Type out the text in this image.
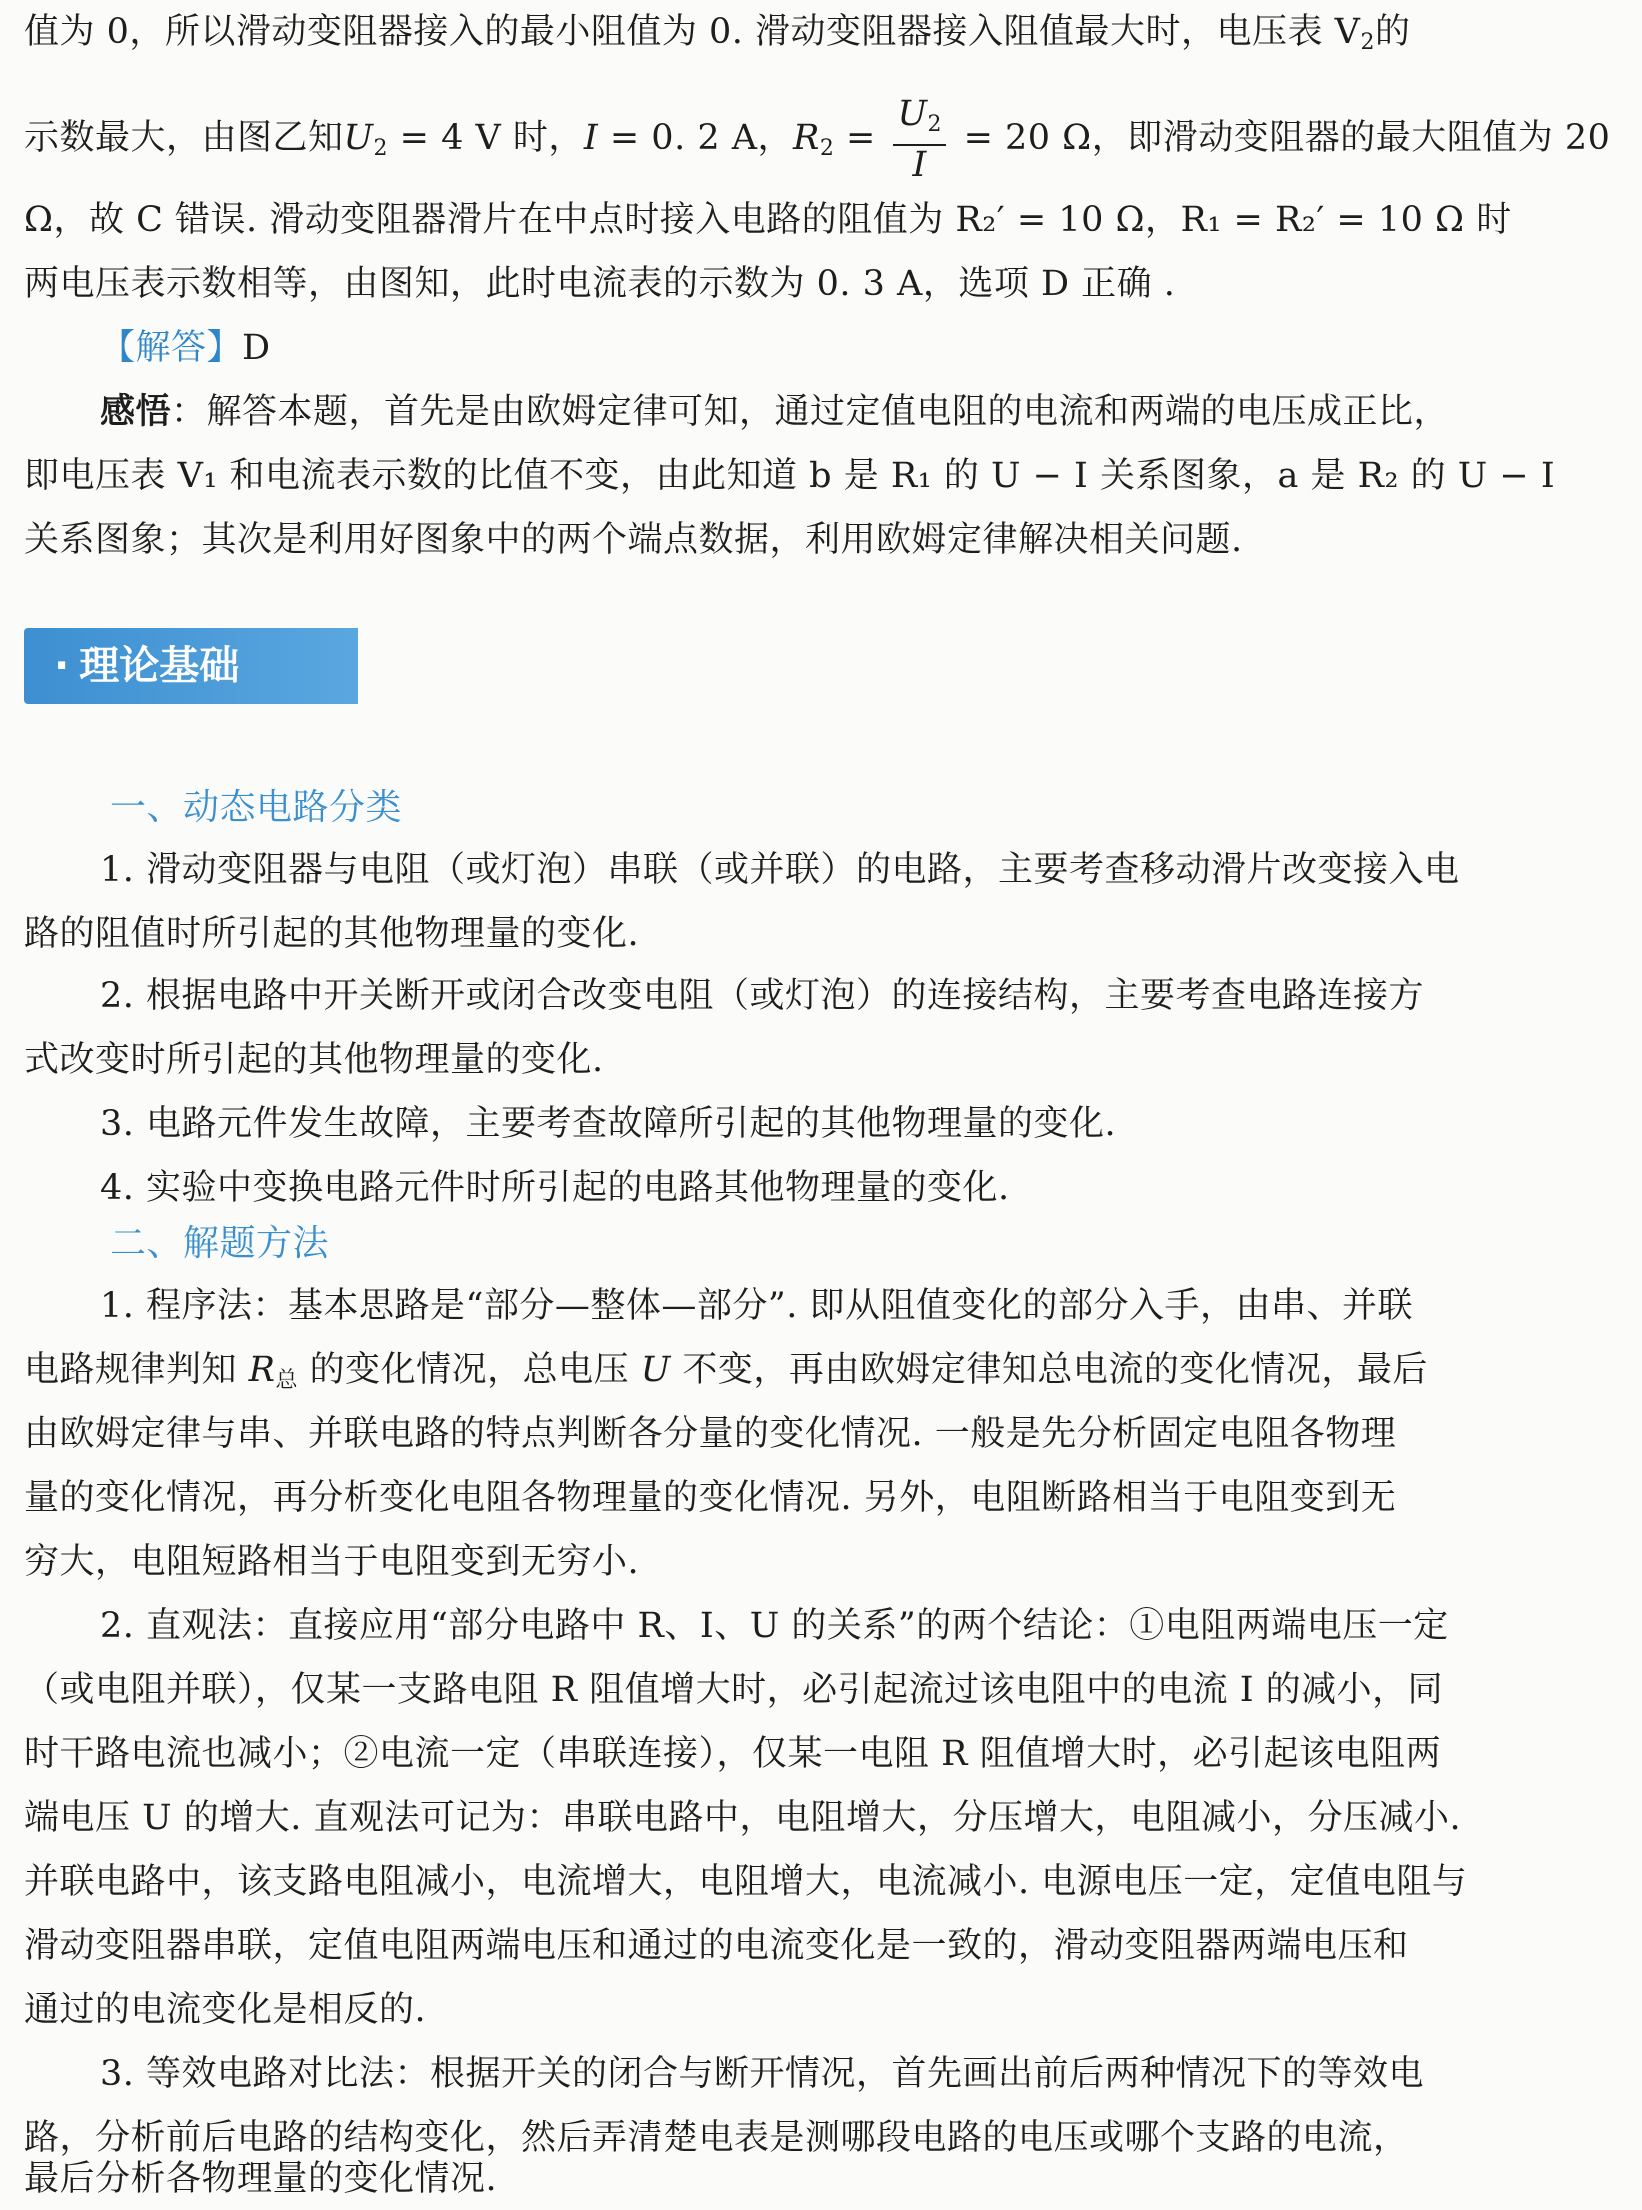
值为 0，所以滑动变阻器接入的最小阻值为 0. 滑动变阻器接入阻值最大时，电压表 $V_2$的
示数最大，由图乙知$U_2 = 4$ V 时，I = 0. 2 A，$R_2 = \frac{U_2}{I} = 20$ Ω，即滑动变阻器的最大阻值为 20
Ω，故 C 错误. 滑动变阻器滑片在中点时接入电路的阻值为 R₂′ = 10 Ω，R₁ = R₂′ = 10 Ω 时
两电压表示数相等，由图知，此时电流表的示数为 0. 3 A，选项 D 正确 .
【解答】D
感悟：解答本题，首先是由欧姆定律可知，通过定值电阻的电流和两端的电压成正比，
即电压表 V₁ 和电流表示数的比值不变，由此知道 b 是 R₁ 的 U − I 关系图象，a 是 R₂ 的 U − I
关系图象；其次是利用好图象中的两个端点数据，利用欧姆定律解决相关问题.
· 理论基础
一、动态电路分类
1. 滑动变阻器与电阻（或灯泡）串联（或并联）的电路，主要考查移动滑片改变接入电
路的阻值时所引起的其他物理量的变化.
2. 根据电路中开关断开或闭合改变电阻（或灯泡）的连接结构，主要考查电路连接方
式改变时所引起的其他物理量的变化.
3. 电路元件发生故障，主要考查故障所引起的其他物理量的变化.
4. 实验中变换电路元件时所引起的电路其他物理量的变化.
二、解题方法
1. 程序法：基本思路是“部分—整体—部分”. 即从阻值变化的部分入手，由串、并联
电路规律判知 $R_总$ 的变化情况，总电压 U 不变，再由欧姆定律知总电流的变化情况，最后
由欧姆定律与串、并联电路的特点判断各分量的变化情况. 一般是先分析固定电阻各物理
量的变化情况，再分析变化电阻各物理量的变化情况. 另外，电阻断路相当于电阻变到无
穷大，电阻短路相当于电阻变到无穷小.
2. 直观法：直接应用“部分电路中 R、I、U 的关系”的两个结论：①电阻两端电压一定
（或电阻并联），仅某一支路电阻 R 阻值增大时，必引起流过该电阻中的电流 I 的减小，同
时干路电流也减小；②电流一定（串联连接），仅某一电阻 R 阻值增大时，必引起该电阻两
端电压 U 的增大. 直观法可记为：串联电路中，电阻增大，分压增大，电阻减小，分压减小.
并联电路中，该支路电阻减小，电流增大，电阻增大，电流减小. 电源电压一定，定值电阻与
滑动变阻器串联，定值电阻两端电压和通过的电流变化是一致的，滑动变阻器两端电压和
通过的电流变化是相反的.
3. 等效电路对比法：根据开关的闭合与断开情况，首先画出前后两种情况下的等效电
路，分析前后电路的结构变化，然后弄清楚电表是测哪段电路的电压或哪个支路的电流，
最后分析各物理量的变化情况.
